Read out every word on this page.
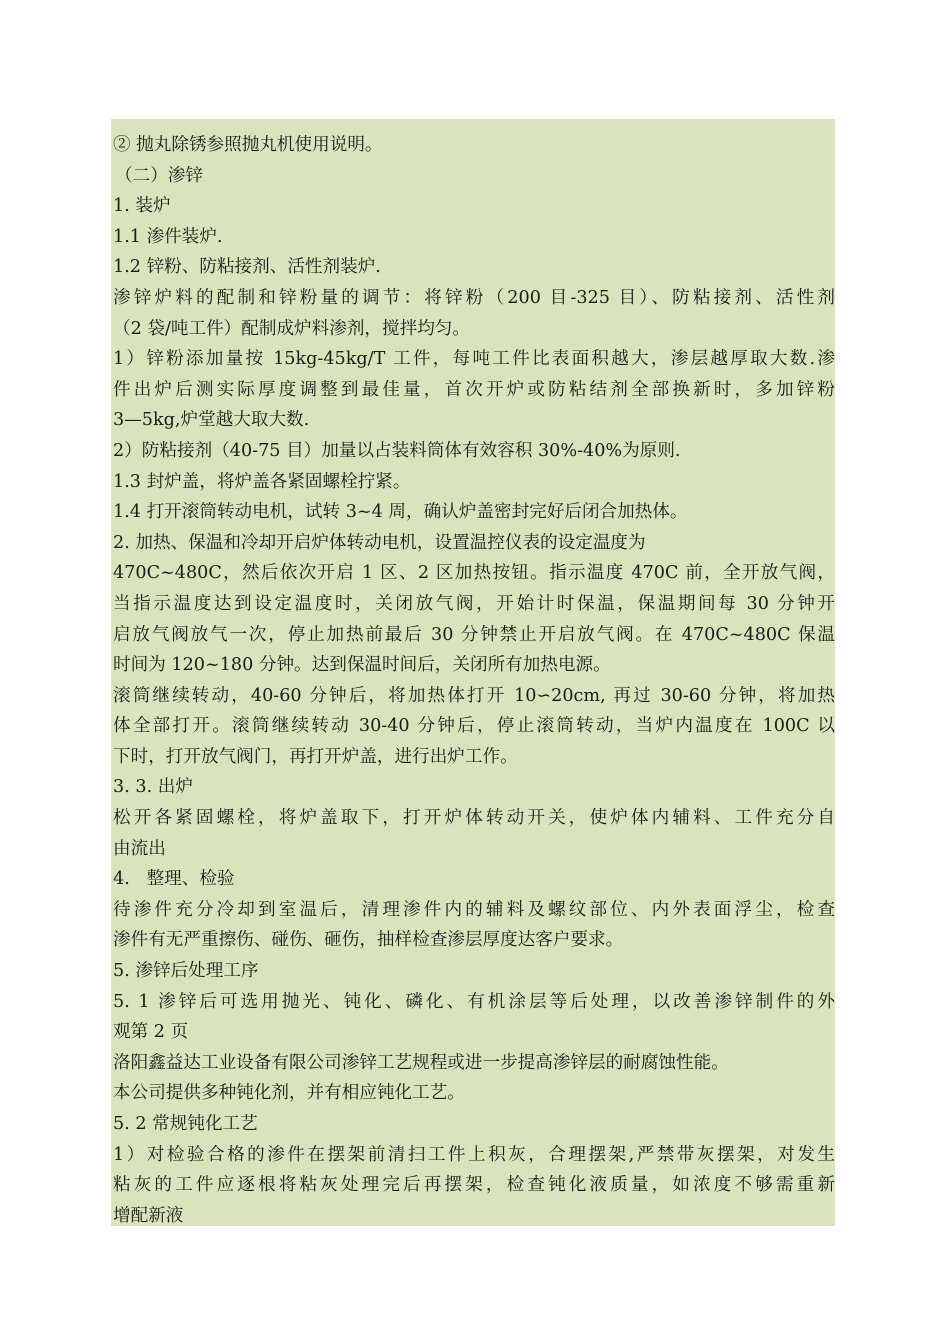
② 抛丸除锈参照抛丸机使用说明。
（二）渗锌
1. 装炉
1.1 渗件装炉.
1.2 锌粉、防粘接剂、活性剂装炉.
渗锌炉料的配制和锌粉量的调节：将锌粉（200 目-325 目）、防粘接剂、活性剂
（2 袋/吨工件）配制成炉料渗剂，搅拌均匀。
1）锌粉添加量按 15kg-45kg/T 工件，每吨工件比表面积越大，渗层越厚取大数.渗
件出炉后测实际厚度调整到最佳量，首次开炉或防粘结剂全部换新时，多加锌粉
3—5kg,炉堂越大取大数.
2）防粘接剂（40-75 目）加量以占装料筒体有效容积 30%-40%为原则.
1.3 封炉盖，将炉盖各紧固螺栓拧紧。
1.4 打开滚筒转动电机，试转 3~4 周，确认炉盖密封完好后闭合加热体。
2. 加热、保温和冷却开启炉体转动电机，设置温控仪表的设定温度为
470C~480C，然后依次开启 1 区、2 区加热按钮。指示温度 470C 前，全开放气阀，
当指示温度达到设定温度时，关闭放气阀，开始计时保温，保温期间每 30 分钟开
启放气阀放气一次，停止加热前最后 30 分钟禁止开启放气阀。在 470C~480C 保温
时间为 120~180 分钟。达到保温时间后，关闭所有加热电源。
滚筒继续转动，40-60 分钟后，将加热体打开 10∽20cm, 再过 30-60 分钟，将加热
体全部打开。滚筒继续转动 30-40 分钟后，停止滚筒转动，当炉内温度在 100C 以
下时，打开放气阀门，再打开炉盖，进行出炉工作。
3. 3. 出炉
松开各紧固螺栓，将炉盖取下，打开炉体转动开关，使炉体内辅料、工件充分自
由流出
4.   整理、检验
待渗件充分冷却到室温后，清理渗件内的辅料及螺纹部位、内外表面浮尘，检查
渗件有无严重擦伤、碰伤、砸伤，抽样检查渗层厚度达客户要求。
5. 渗锌后处理工序
5. 1 渗锌后可选用抛光、钝化、磷化、有机涂层等后处理，以改善渗锌制件的外
观第 2 页
洛阳鑫益达工业设备有限公司渗锌工艺规程或进一步提高渗锌层的耐腐蚀性能。
本公司提供多种钝化剂，并有相应钝化工艺。
5. 2 常规钝化工艺
1）对检验合格的渗件在摆架前清扫工件上积灰，合理摆架,严禁带灰摆架，对发生
粘灰的工件应逐根将粘灰处理完后再摆架，检查钝化液质量，如浓度不够需重新
增配新液
